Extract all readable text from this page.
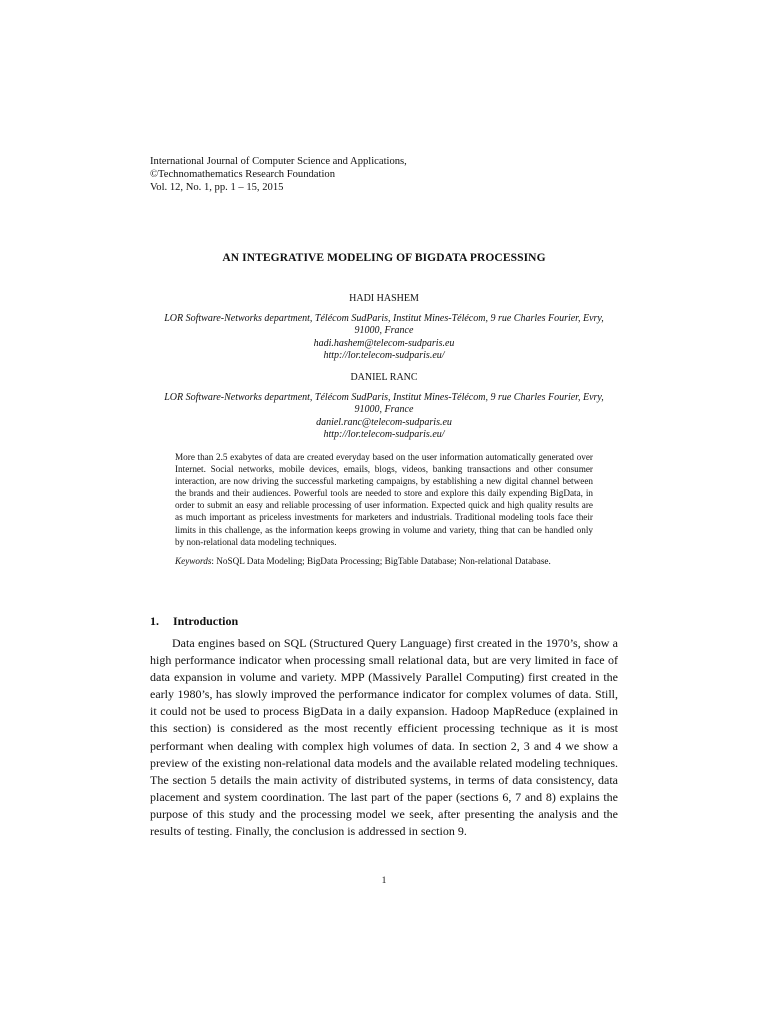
International Journal of Computer Science and Applications,
©Technomathematics Research Foundation
Vol. 12, No. 1, pp. 1 – 15, 2015
AN INTEGRATIVE MODELING OF BIGDATA PROCESSING
HADI HASHEM
LOR Software-Networks department, Télécom SudParis, Institut Mines-Télécom, 9 rue Charles Fourier, Evry, 91000, France
hadi.hashem@telecom-sudparis.eu
http://lor.telecom-sudparis.eu/
DANIEL RANC
LOR Software-Networks department, Télécom SudParis, Institut Mines-Télécom, 9 rue Charles Fourier, Evry, 91000, France
daniel.ranc@telecom-sudparis.eu
http://lor.telecom-sudparis.eu/

More than 2.5 exabytes of data are created everyday based on the user information automatically generated over Internet. Social networks, mobile devices, emails, blogs, videos, banking transactions and other consumer interaction, are now driving the successful marketing campaigns, by establishing a new digital channel between the brands and their audiences. Powerful tools are needed to store and explore this daily expending BigData, in order to submit an easy and reliable processing of user information. Expected quick and high quality results are as much important as priceless investments for marketers and industrials. Traditional modeling tools face their limits in this challenge, as the information keeps growing in volume and variety, thing that can be handled only by non-relational data modeling techniques.

Keywords: NoSQL Data Modeling; BigData Processing; BigTable Database; Non-relational Database.

1. Introduction

Data engines based on SQL (Structured Query Language) first created in the 1970’s, show a high performance indicator when processing small relational data, but are very limited in face of data expansion in volume and variety. MPP (Massively Parallel Computing) first created in the early 1980’s, has slowly improved the performance indicator for complex volumes of data. Still, it could not be used to process BigData in a daily expansion. Hadoop MapReduce (explained in this section) is considered as the most recently efficient processing technique as it is most performant when dealing with complex high volumes of data. In section 2, 3 and 4 we show a preview of the existing non-relational data models and the available related modeling techniques. The section 5 details the main activity of distributed systems, in terms of data consistency, data placement and system coordination. The last part of the paper (sections 6, 7 and 8) explains the purpose of this study and the processing model we seek, after presenting the analysis and the results of testing. Finally, the conclusion is addressed in section 9.

1
